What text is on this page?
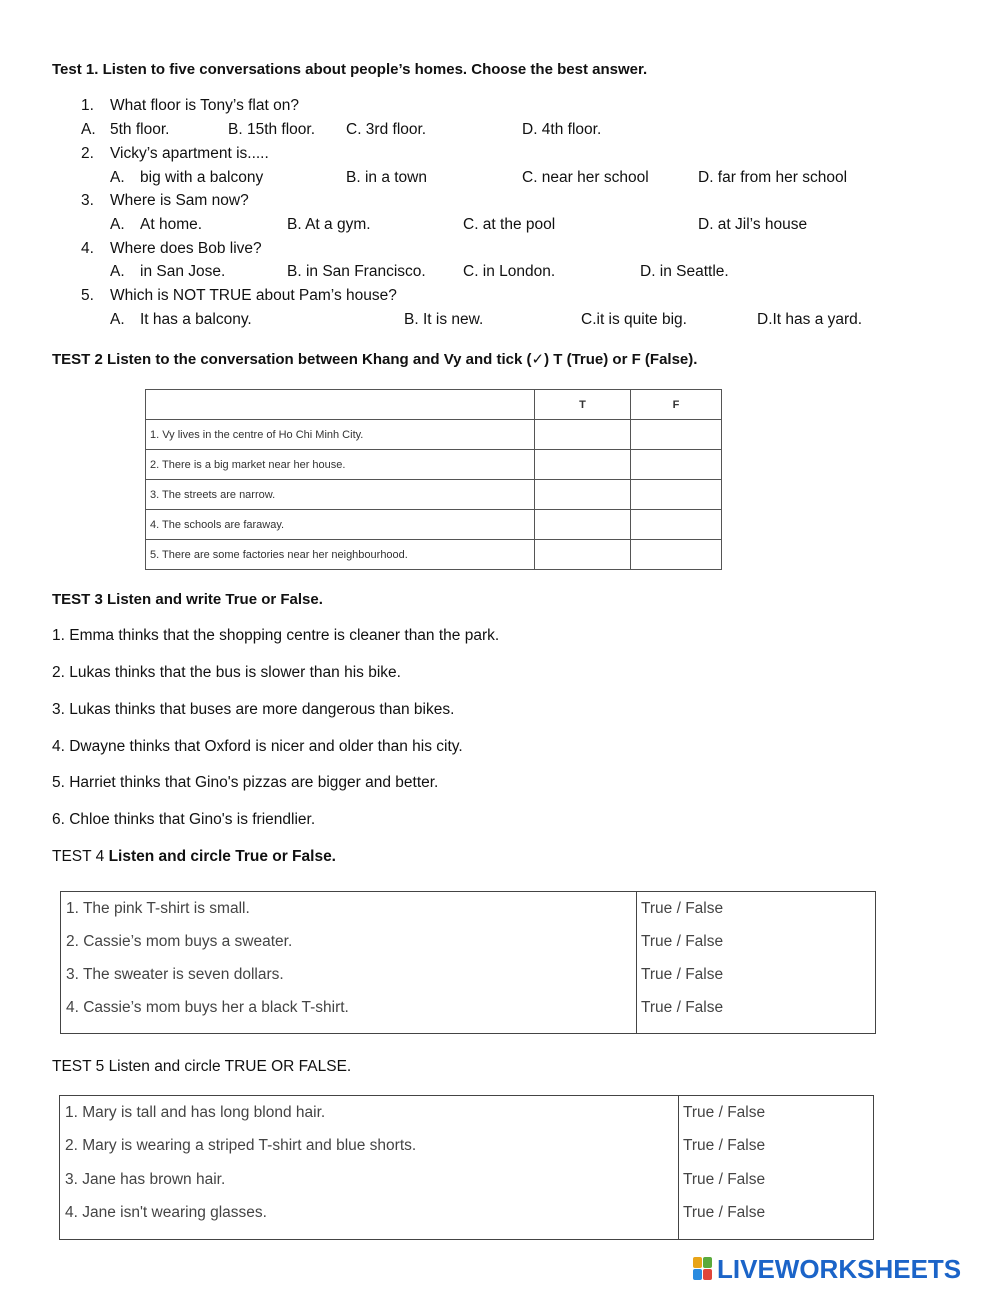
Test 1. Listen to five conversations about people’s homes. Choose the best answer.
1. What floor is Tony’s flat on?
A. 5th floor.	B. 15th floor. C. 3rd floor.	D. 4th floor.
2. Vicky’s apartment is.....
A. big with a balcony	B. in a town	C. near her school	D. far from her school
3. Where is Sam now?
A. At home.	B. At a gym.	C. at the pool	D. at Jil’s house
4. Where does Bob live?
A. in San Jose.	B. in San Francisco. C. in London.	D. in Seattle.
5. Which is NOT TRUE about Pam’s house?
A. It has a balcony.	B. It is new.	C.it is quite big.	D.It has a yard.
TEST 2 Listen to the conversation between Khang and Vy and tick (✓) T (True) or F (False).
	T	F
1. Vy lives in the centre of Ho Chi Minh City.		
2. There is a big market near her house.		
3. The streets are narrow.		
4. The schools are faraway.		
5. There are some factories near her neighbourhood.		
TEST 3 Listen and write True or False.
1. Emma thinks that the shopping centre is cleaner than the park.
2. Lukas thinks that the bus is slower than his bike.
3. Lukas thinks that buses are more dangerous than bikes.
4. Dwayne thinks that Oxford is nicer and older than his city.
5. Harriet thinks that Gino's pizzas are bigger and better.
6. Chloe thinks that Gino's is friendlier.
TEST 4 Listen and circle True or False.
1. The pink T-shirt is small.	True / False
2. Cassie’s mom buys a sweater.	True / False
3. The sweater is seven dollars.	True / False
4. Cassie’s mom buys her a black T-shirt.	True / False
TEST 5 Listen and circle TRUE OR FALSE.
1. Mary is tall and has long blond hair.	True / False
2. Mary is wearing a striped T-shirt and blue shorts.	True / False
3. Jane has brown hair.	True / False
4. Jane isn't wearing glasses.	True / False
LIVEWORKSHEETS
